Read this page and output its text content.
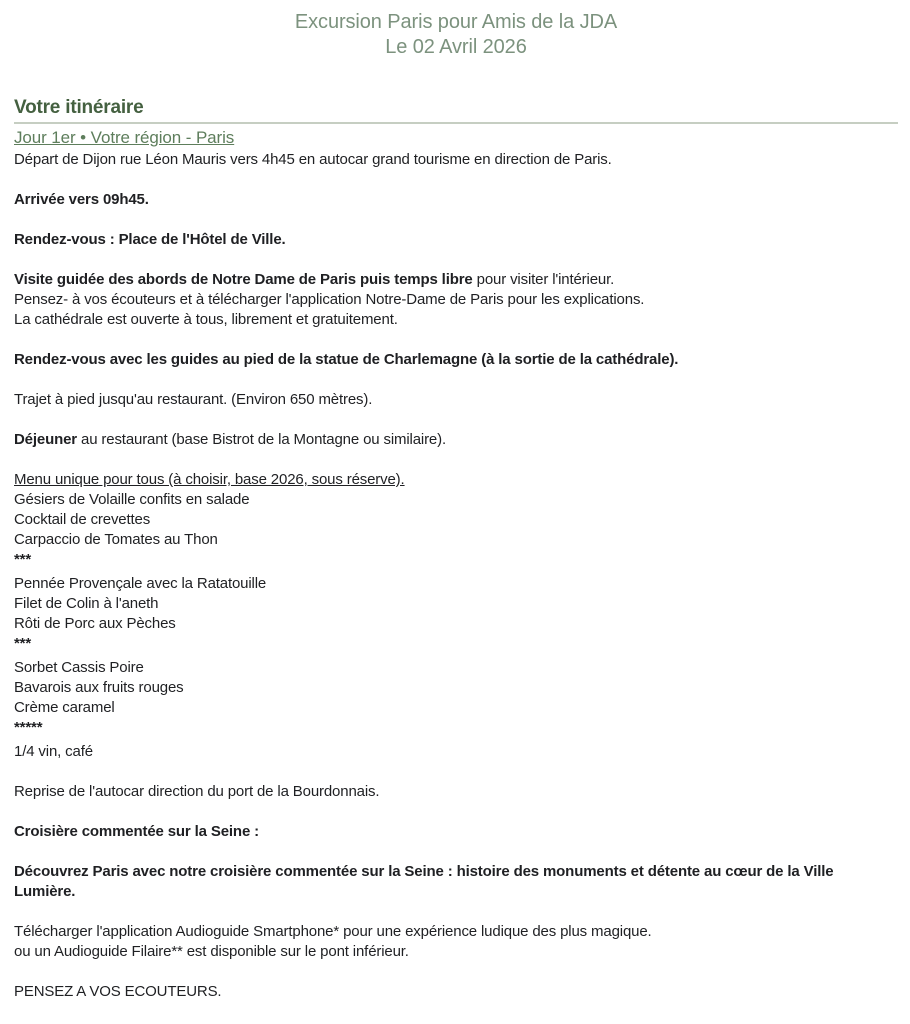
Excursion Paris pour Amis de la JDA
Le 02 Avril 2026
Votre itinéraire
Jour 1er • Votre région - Paris

Départ de Dijon rue Léon Mauris vers 4h45 en autocar grand tourisme en direction de Paris.

Arrivée vers 09h45.

Rendez-vous : Place de l'Hôtel de Ville.

Visite guidée des abords de Notre Dame de Paris puis temps libre pour visiter l'intérieur.
Pensez- à vos écouteurs et à télécharger l'application Notre-Dame de Paris pour les explications.
La cathédrale est ouverte à tous, librement et gratuitement.

Rendez-vous avec les guides au pied de la statue de Charlemagne (à la sortie de la cathédrale).

Trajet à pied jusqu'au restaurant. (Environ 650 mètres).

Déjeuner au restaurant (base Bistrot de la Montagne ou similaire).

Menu unique pour tous (à choisir, base 2026, sous réserve).
Gésiers de Volaille confits en salade
Cocktail de crevettes
Carpaccio de Tomates au Thon
***
Pennée Provençale avec la Ratatouille
Filet de Colin à l'aneth
Rôti de Porc aux Pèches
***
Sorbet Cassis Poire
Bavarois aux fruits rouges
Crème caramel
*****
1/4 vin, café

Reprise de l'autocar direction du port de la Bourdonnais.

Croisière commentée sur la Seine :

Découvrez Paris avec notre croisière commentée sur la Seine : histoire des monuments et détente au cœur de la Ville Lumière.

Télécharger l'application Audioguide Smartphone* pour une expérience ludique des plus magique.
ou un Audioguide Filaire** est disponible sur le pont inférieur.

PENSEZ A VOS ECOUTEURS.
